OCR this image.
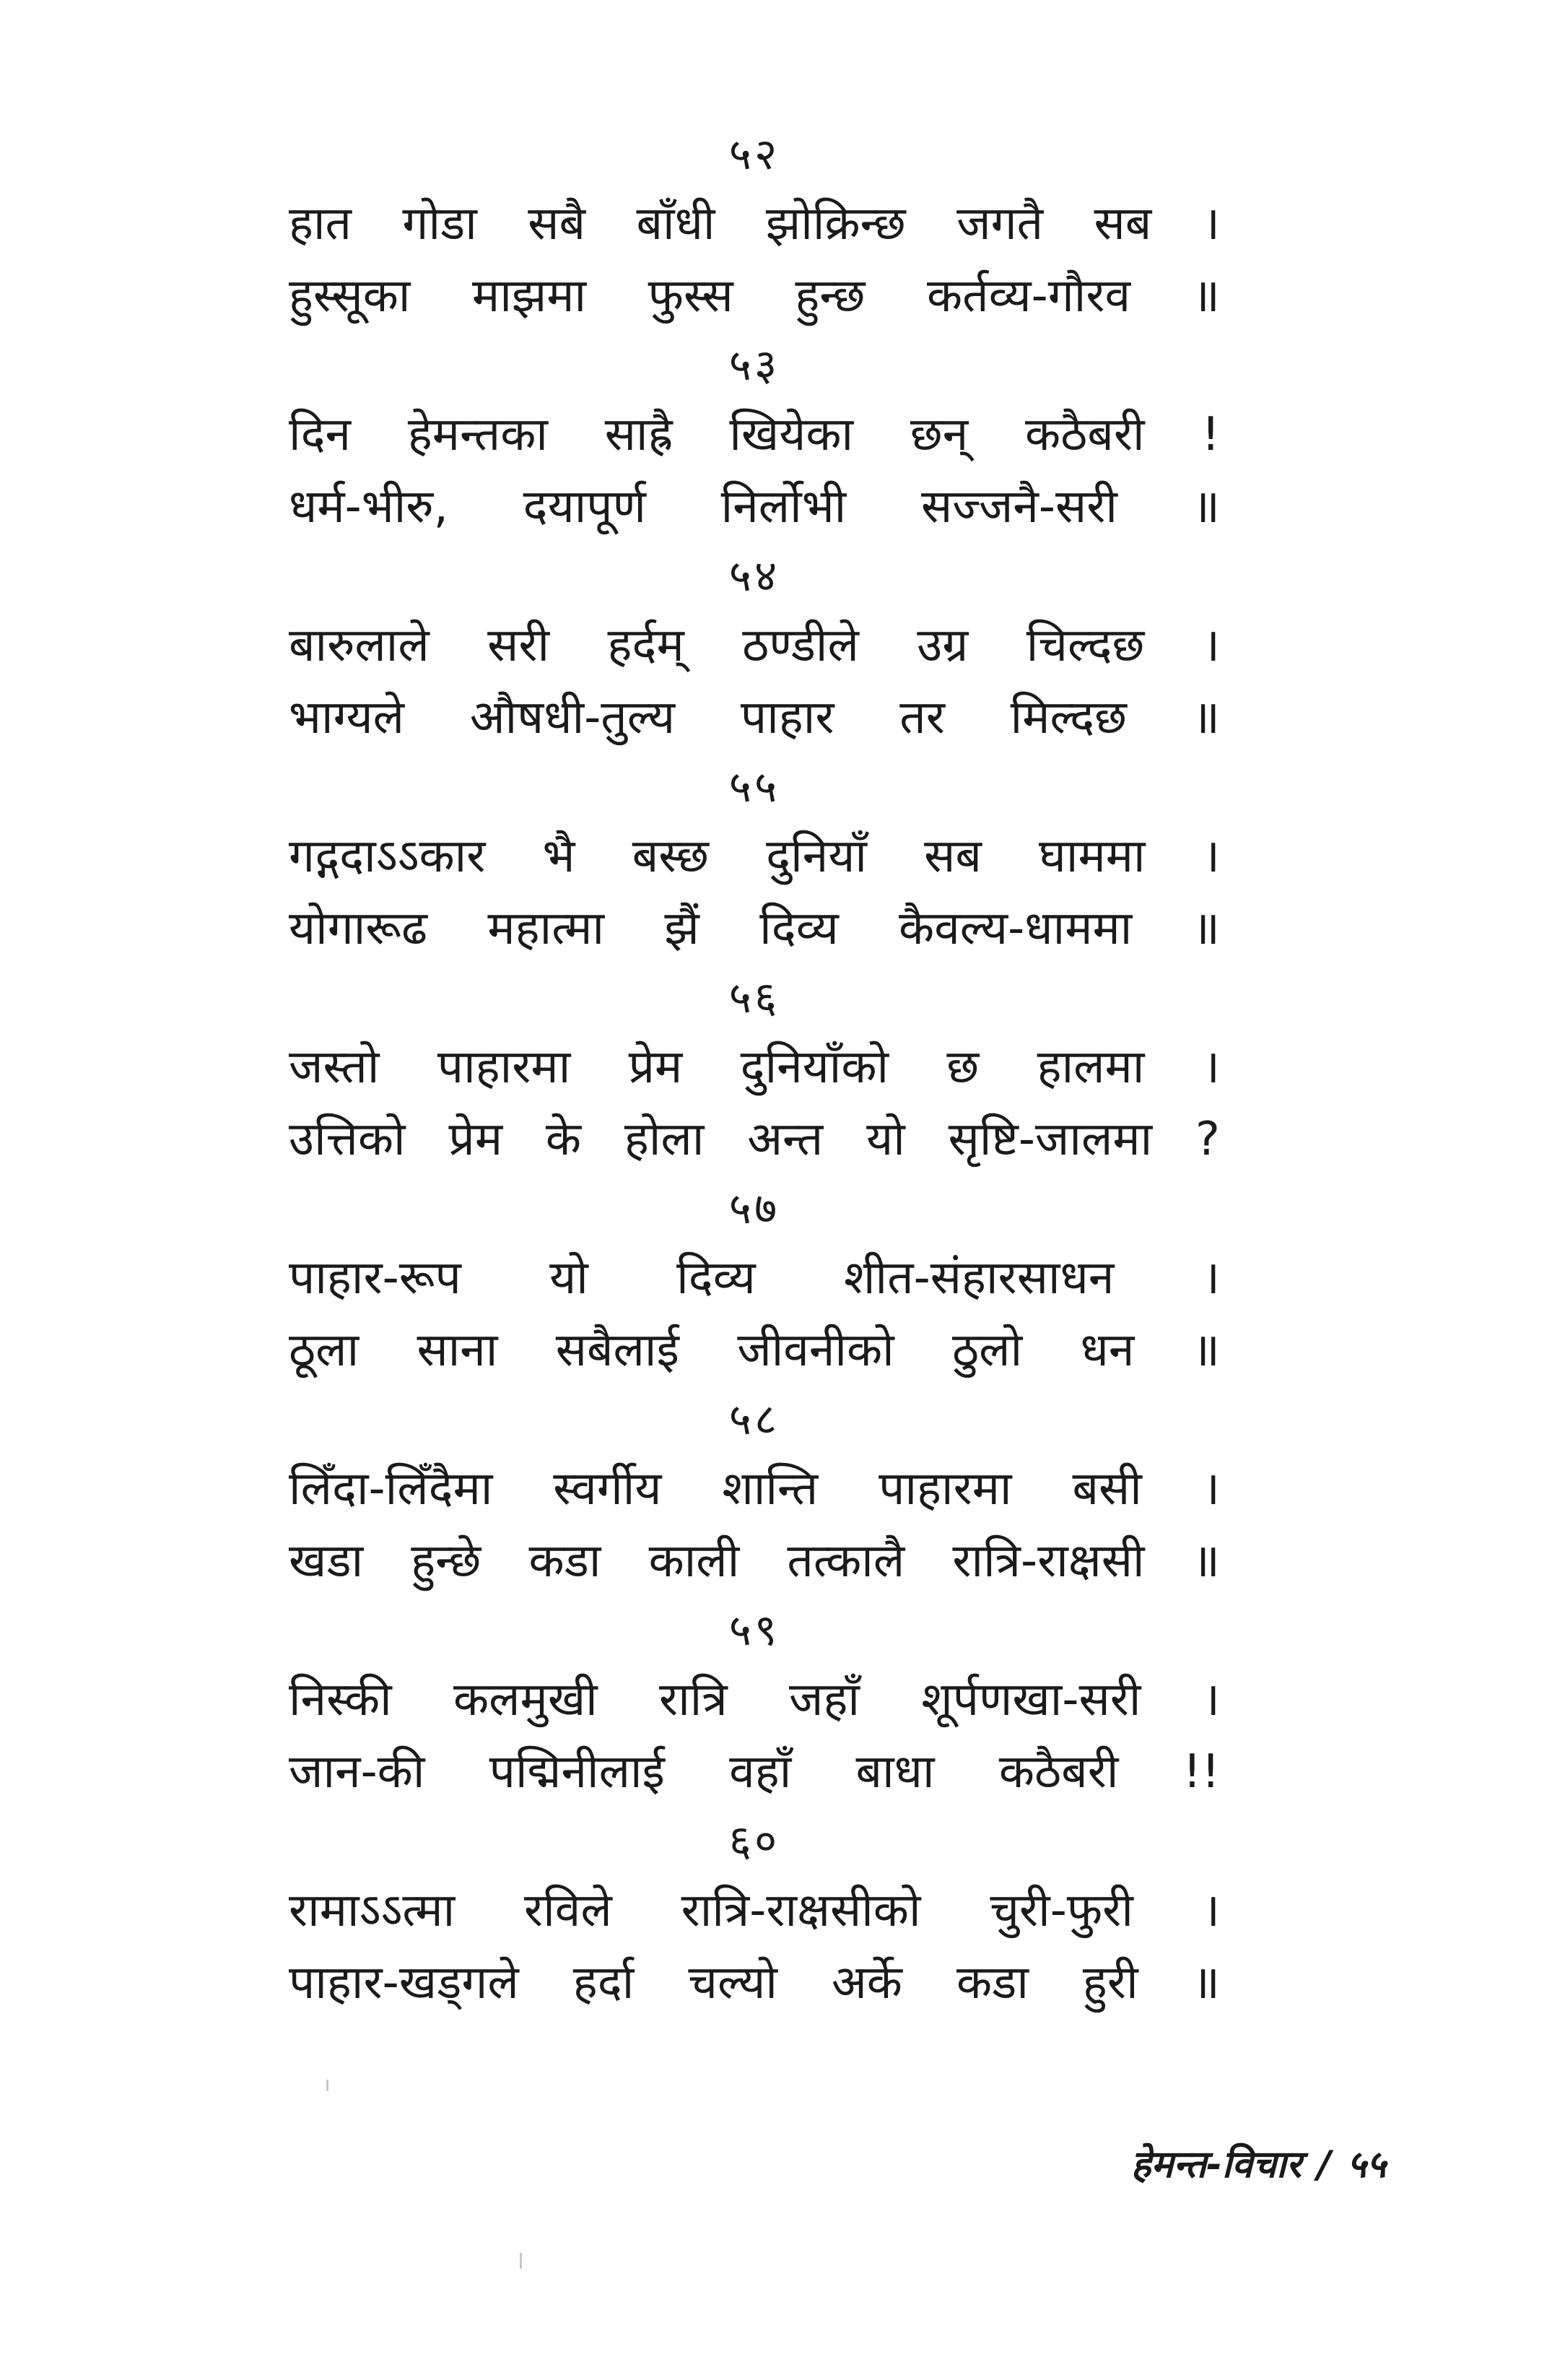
५२
हात गोडा सबै बाँधी झोक्रिन्छ जगतै सब ।
हुस्सूका माझमा फुस्स हुन्छ कर्तव्य-गौरव ॥
५३
दिन हेमन्तका साह्रै खियेका छन् कठैबरी !
धर्म-भीरु, दयापूर्ण निर्लोभी सज्जनै-सरी ॥
५४
बारुलाले सरी हर्दम् ठण्डीले उग्र चिल्दछ ।
भाग्यले औषधी-तुल्य पाहार तर मिल्दछ ॥
५५
गद्गदाऽऽकार भै बस्छ दुनियाँ सब घाममा ।
योगारूढ महात्मा झैं दिव्य कैवल्य-धाममा ॥
५६
जस्तो पाहारमा प्रेम दुनियाँको छ हालमा ।
उत्तिको प्रेम के होला अन्त यो सृष्टि-जालमा ?
५७
पाहार-रूप यो दिव्य शीत-संहारसाधन ।
ठूला साना सबैलाई जीवनीको ठुलो धन ॥
५८
लिँदा-लिँदैमा स्वर्गीय शान्ति पाहारमा बसी ।
खडा हुन्छे कडा काली तत्कालै रात्रि-राक्षसी ॥
५९
निस्की कलमुखी रात्रि जहाँ शूर्पणखा-सरी ।
जान-की पद्मिनीलाई वहाँ बाधा कठैबरी !!
६०
रामाऽऽत्मा रविले रात्रि-राक्षसीको चुरी-फुरी ।
पाहार-खड्गले हर्दा चल्यो अर्के कडा हुरी ॥
हेमन्त-विचार / ५५
